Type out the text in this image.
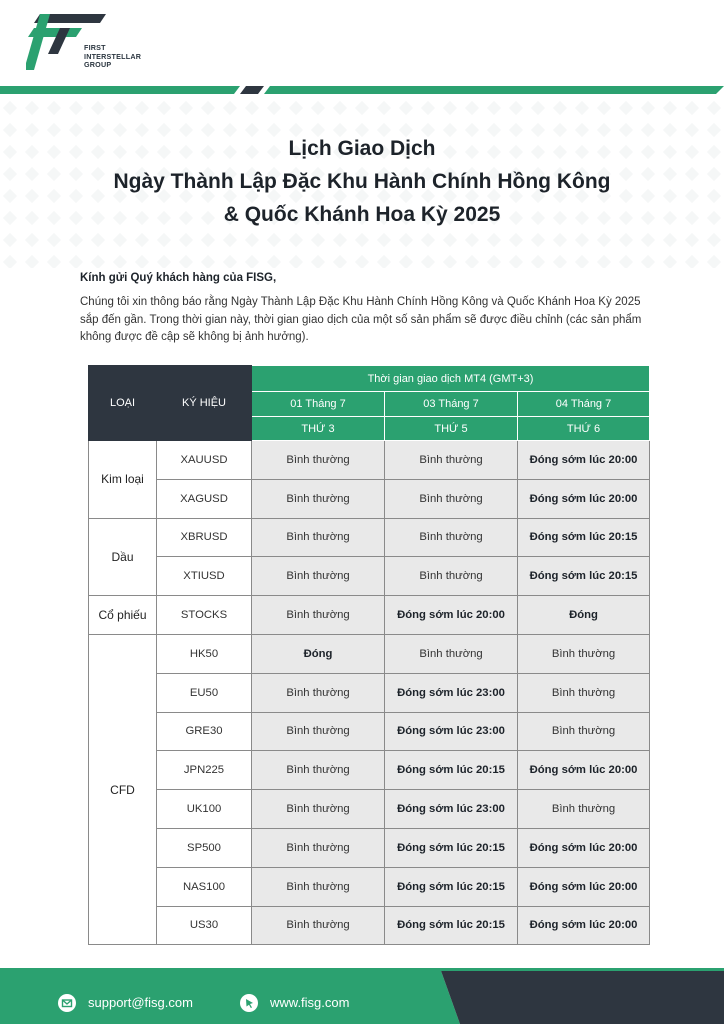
FIRST
INTERSTELLAR
GROUP
Lịch Giao Dịch
Ngày Thành Lập Đặc Khu Hành Chính Hồng Kông
& Quốc Khánh Hoa Kỳ 2025
Kính gửi Quý khách hàng của FISG,
Chúng tôi xin thông báo rằng Ngày Thành Lập Đặc Khu Hành Chính Hồng Kông và Quốc Khánh Hoa Kỳ 2025 sắp đến gần. Trong thời gian này, thời gian giao dịch của một số sản phẩm sẽ được điều chỉnh (các sản phẩm không được đề cập sẽ không bị ảnh hưởng).
LOẠI	KÝ HIỆU	Thời gian giao dịch MT4 (GMT+3)		
		01 Tháng 7	03 Tháng 7	04 Tháng 7
		THỨ 3	THỨ 5	THỨ 6
Kim loại	XAUUSD	Bình thường	Bình thường	Đóng sớm lúc 20:00
	XAGUSD	Bình thường	Bình thường	Đóng sớm lúc 20:00
Dầu	XBRUSD	Bình thường	Bình thường	Đóng sớm lúc 20:15
	XTIUSD	Bình thường	Bình thường	Đóng sớm lúc 20:15
Cổ phiếu	STOCKS	Bình thường	Đóng sớm lúc 20:00	Đóng
CFD	HK50	Đóng	Bình thường	Bình thường
	EU50	Bình thường	Đóng sớm lúc 23:00	Bình thường
	GRE30	Bình thường	Đóng sớm lúc 23:00	Bình thường
	JPN225	Bình thường	Đóng sớm lúc 20:15	Đóng sớm lúc 20:00
	UK100	Bình thường	Đóng sớm lúc 23:00	Bình thường
	SP500	Bình thường	Đóng sớm lúc 20:15	Đóng sớm lúc 20:00
	NAS100	Bình thường	Đóng sớm lúc 20:15	Đóng sớm lúc 20:00
	US30	Bình thường	Đóng sớm lúc 20:15	Đóng sớm lúc 20:00
support@fisg.com	www.fisg.com
